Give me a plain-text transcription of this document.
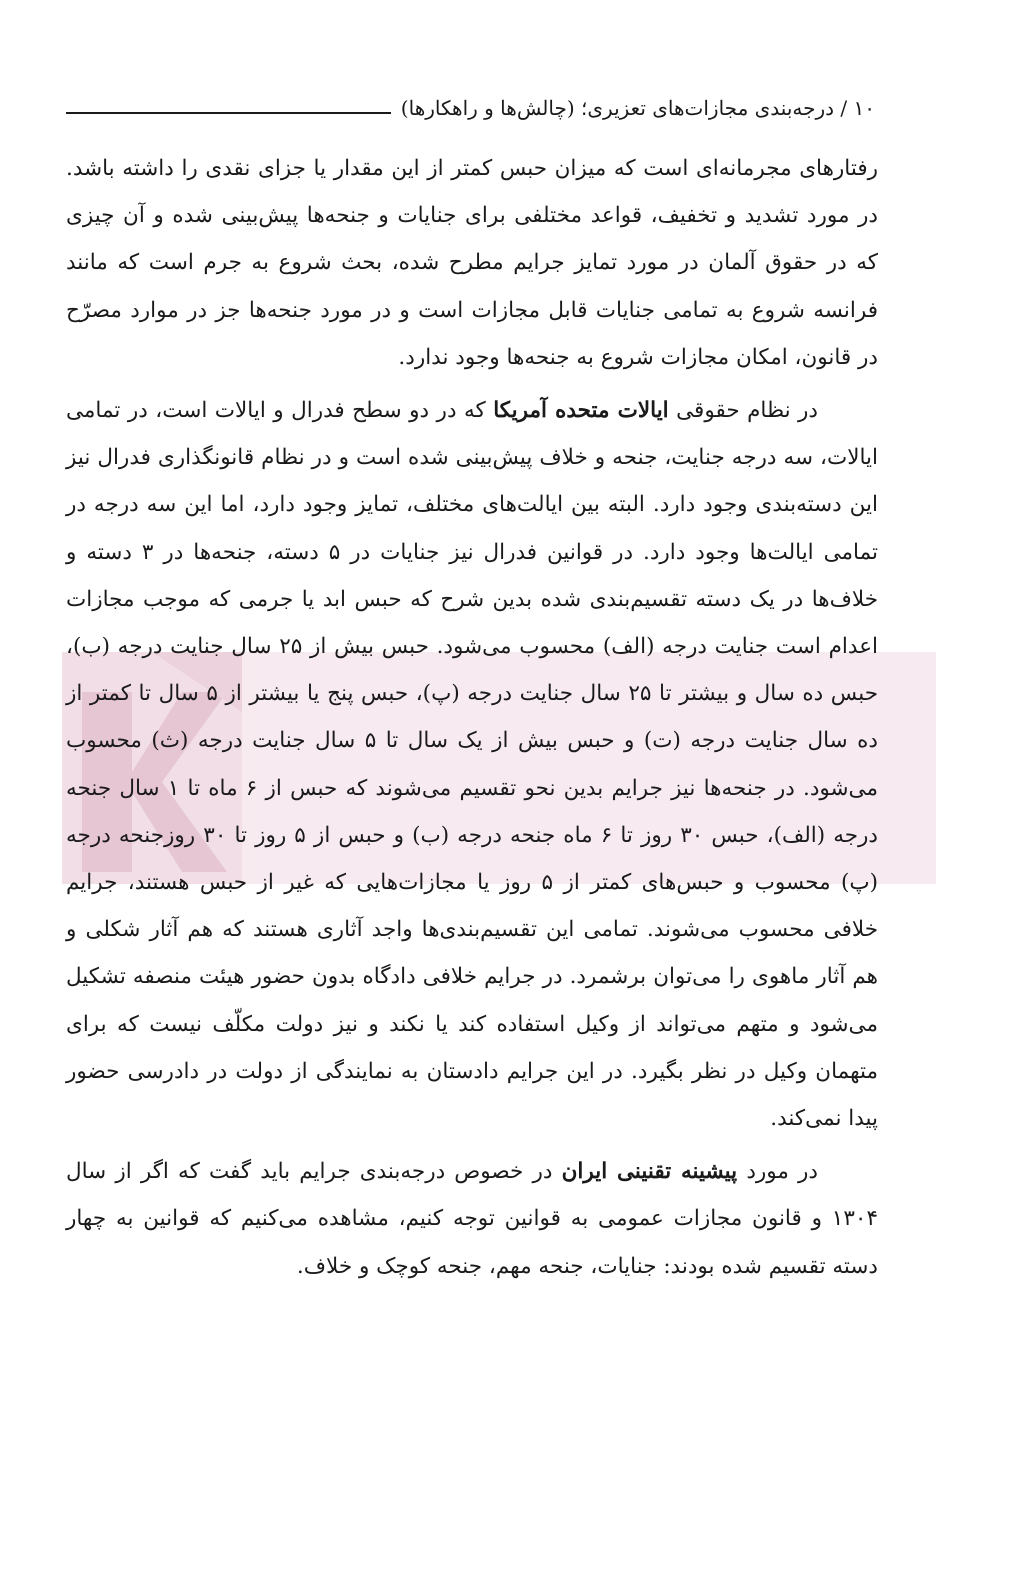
۱۰ / درجه‌بندی مجازات‌های تعزیری؛ (چالش‌ها و راهکارها)

رفتارهای مجرمانه‌ای است که میزان حبس کمتر از این مقدار یا جزای نقدی را داشته باشد. در مورد تشدید و تخفیف، قواعد مختلفی برای جنایات و جنحه‌ها پیش‌بینی شده و آن چیزی که در حقوق آلمان در مورد تمایز جرایم مطرح شده، بحث شروع به جرم است که مانند فرانسه شروع به تمامی جنایات قابل مجازات است و در مورد جنحه‌ها جز در موارد مصرّح در قانون، امکان مجازات شروع به جنحه‌ها وجود ندارد.

در نظام حقوقی ایالات متحده آمریکا که در دو سطح فدرال و ایالات است، در تمامی ایالات، سه درجه جنایت، جنحه و خلاف پیش‌بینی شده است و در نظام قانونگذاری فدرال نیز این دسته‌بندی وجود دارد. البته بین ایالت‌های مختلف، تمایز وجود دارد، اما این سه درجه در تمامی ایالت‌ها وجود دارد. در قوانین فدرال نیز جنایات در ۵ دسته، جنحه‌ها در ۳ دسته و خلاف‌ها در یک دسته تقسیم‌بندی شده بدین شرح که حبس ابد یا جرمی که موجب مجازات اعدام است جنایت درجه (الف) محسوب می‌شود. حبس بیش از ۲۵ سال جنایت درجه (ب)، حبس ده سال و بیشتر تا ۲۵ سال جنایت درجه (پ)، حبس پنج یا بیشتر از ۵ سال تا کمتر از ده سال جنایت درجه (ت) و حبس بیش از یک سال تا ۵ سال جنایت درجه (ث) محسوب می‌شود. در جنحه‌ها نیز جرایم بدین نحو تقسیم می‌شوند که حبس از ۶ ماه تا ۱ سال جنحه درجه (الف)، حبس ۳۰ روز تا ۶ ماه جنحه درجه (ب) و حبس از ۵ روز تا ۳۰ روزجنحه درجه (پ) محسوب و حبس‌های کمتر از ۵ روز یا مجازات‌هایی که غیر از حبس هستند، جرایم خلافی محسوب می‌شوند. تمامی این تقسیم‌بندی‌ها واجد آثاری هستند که هم آثار شکلی و هم آثار ماهوی را می‌توان برشمرد. در جرایم خلافی دادگاه بدون حضور هیئت منصفه تشکیل می‌شود و متهم می‌تواند از وکیل استفاده کند یا نکند و نیز دولت مکلّف نیست که برای متهمان وکیل در نظر بگیرد. در این جرایم دادستان به نمایندگی از دولت در دادرسی حضور پیدا نمی‌کند.

در مورد پیشینه تقنینی ایران در خصوص درجه‌بندی جرایم باید گفت که اگر از سال ۱۳۰۴ و قانون مجازات عمومی به قوانین توجه کنیم، مشاهده می‌کنیم که قوانین به چهار دسته تقسیم شده بودند: جنایات، جنحه مهم، جنحه کوچک و خلاف.
